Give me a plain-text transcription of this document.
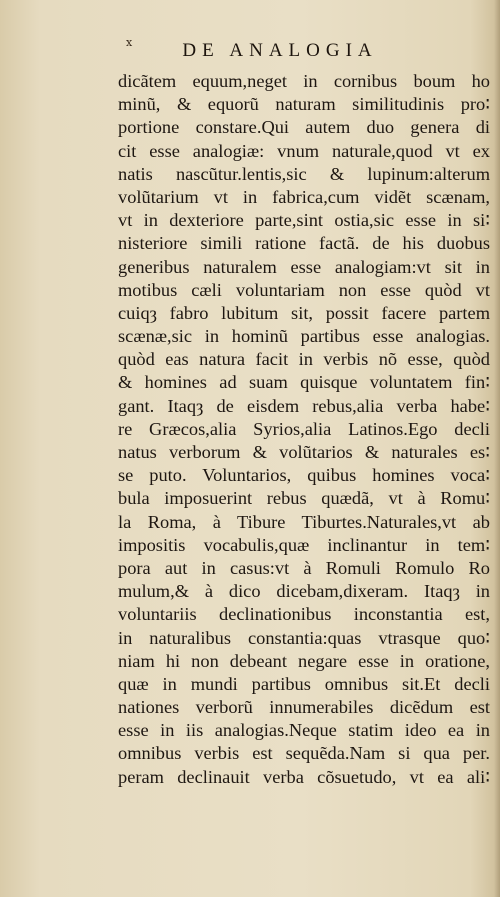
x	DE ANALOGIA
dicãtem equum,neget in cornibus boum ho
minũ, & equorũ naturam similitudinis pro∶
portione constare.Qui autem duo genera di
cit esse analogiæ: vnum naturale,quod vt ex
natis nascũtur.lentis,sic & lupinum:alterum
volũtarium vt in fabrica,cum vidẽt scænam,
vt in dexteriore parte,sint ostia,sic esse in si∶
nisteriore simili ratione factã. de his duobus
generibus naturalem esse analogiam:vt sit in
motibus cæli voluntariam non esse quòd vt
cuiqȝ fabro lubitum sit, possit facere partem
scænæ,sic in hominũ partibus esse analogias.
quòd eas natura facit in verbis nõ esse, quòd
& homines ad suam quisque voluntatem fin∶
gant. Itaqȝ de eisdem rebus,alia verba habe∶
re Græcos,alia Syrios,alia Latinos.Ego decli
natus verborum & volũtarios & naturales es∶
se puto. Voluntarios, quibus homines voca∶
bula imposuerint rebus quædã, vt à Romu∶
la Roma, à Tibure Tiburtes.Naturales,vt ab
impositis vocabulis,quæ inclinantur in tem∶
pora aut in casus:vt à Romuli Romulo Ro
mulum,& à dico dicebam,dixeram. Itaqȝ in
voluntariis declinationibus inconstantia est,
in naturalibus constantia:quas vtrasque quo∶
niam hi non debeant negare esse in oratione,
quæ in mundi partibus omnibus sit.Et decli
nationes verborũ innumerabiles dicẽdum est
esse in iis analogias.Neque statim ideo ea in
omnibus verbis est sequẽda.Nam si qua per.
peram declinauit verba cõsuetudo, vt ea ali∶
